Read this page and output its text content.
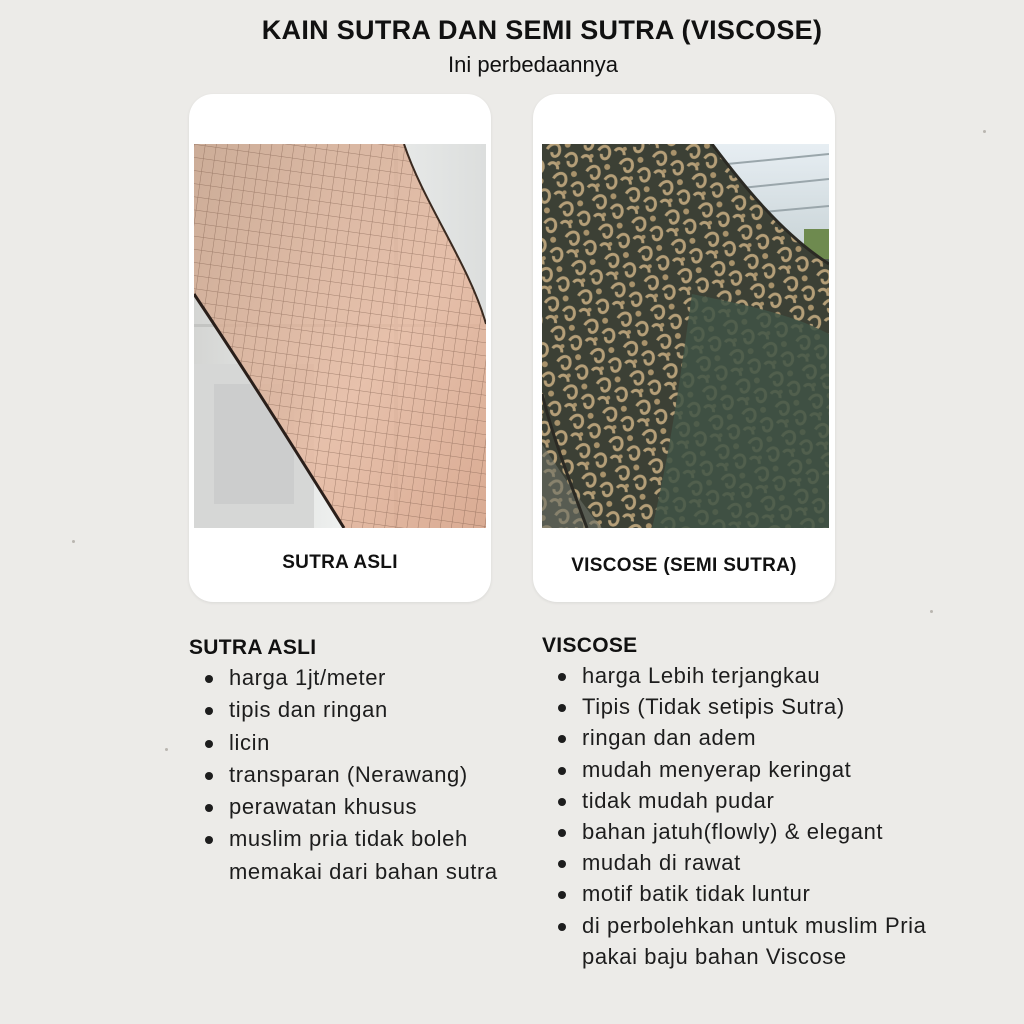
KAIN SUTRA DAN SEMI SUTRA (VISCOSE)
Ini perbedaannya
SUTRA ASLI	VISCOSE (SEMI SUTRA)
SUTRA ASLI
harga 1jt/meter
tipis dan ringan
licin
transparan (Nerawang)
perawatan khusus
muslim pria tidak boleh
memakai dari bahan sutra
VISCOSE
harga Lebih terjangkau
Tipis (Tidak setipis Sutra)
ringan dan adem
mudah menyerap keringat
tidak mudah pudar
bahan jatuh(flowly) & elegant
mudah di rawat
motif batik tidak luntur
di perbolehkan untuk muslim Pria
pakai baju bahan Viscose
